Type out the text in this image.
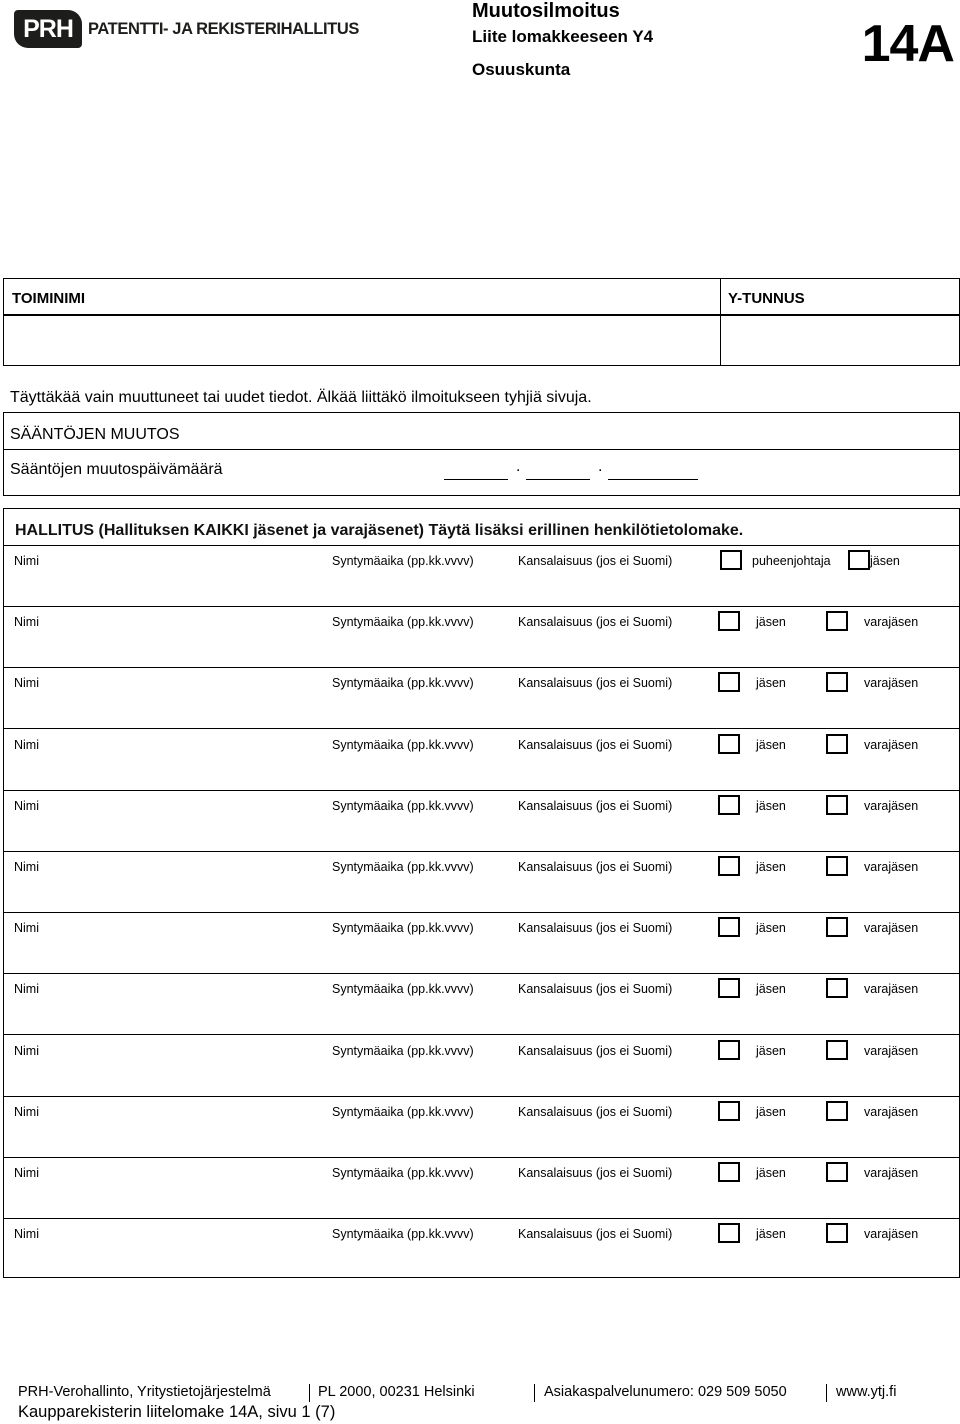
PRH PATENTTI- JA REKISTERIHALLITUS
Muutosilmoitus
Liite lomakkeeseen Y4
Osuuskunta	14A
TOIMINIMI	Y-TUNNUS
Täyttäkää vain muuttuneet tai uudet tiedot. Älkää liittäkö ilmoitukseen tyhjiä sivuja.
SÄÄNTÖJEN MUUTOS
Sääntöjen muutospäivämäärä	.	.
HALLITUS (Hallituksen KAIKKI jäsenet ja varajäsenet) Täytä lisäksi erillinen henkilötietolomake.
Nimi	Syntymäaika (pp.kk.vvvv)	Kansalaisuus (jos ei Suomi)	puheenjohtaja	jäsen
Nimi	Syntymäaika (pp.kk.vvvv)	Kansalaisuus (jos ei Suomi)	jäsen	varajäsen
Nimi	Syntymäaika (pp.kk.vvvv)	Kansalaisuus (jos ei Suomi)	jäsen	varajäsen
Nimi	Syntymäaika (pp.kk.vvvv)	Kansalaisuus (jos ei Suomi)	jäsen	varajäsen
Nimi	Syntymäaika (pp.kk.vvvv)	Kansalaisuus (jos ei Suomi)	jäsen	varajäsen
Nimi	Syntymäaika (pp.kk.vvvv)	Kansalaisuus (jos ei Suomi)	jäsen	varajäsen
Nimi	Syntymäaika (pp.kk.vvvv)	Kansalaisuus (jos ei Suomi)	jäsen	varajäsen
Nimi	Syntymäaika (pp.kk.vvvv)	Kansalaisuus (jos ei Suomi)	jäsen	varajäsen
Nimi	Syntymäaika (pp.kk.vvvv)	Kansalaisuus (jos ei Suomi)	jäsen	varajäsen
Nimi	Syntymäaika (pp.kk.vvvv)	Kansalaisuus (jos ei Suomi)	jäsen	varajäsen
Nimi	Syntymäaika (pp.kk.vvvv)	Kansalaisuus (jos ei Suomi)	jäsen	varajäsen
Nimi	Syntymäaika (pp.kk.vvvv)	Kansalaisuus (jos ei Suomi)	jäsen	varajäsen
PRH-Verohallinto, Yritystietojärjestelmä	PL 2000, 00231 Helsinki	Asiakaspalvelunumero: 029 509 5050	www.ytj.fi
Kaupparekisterin liitelomake 14A, sivu 1 (7)
